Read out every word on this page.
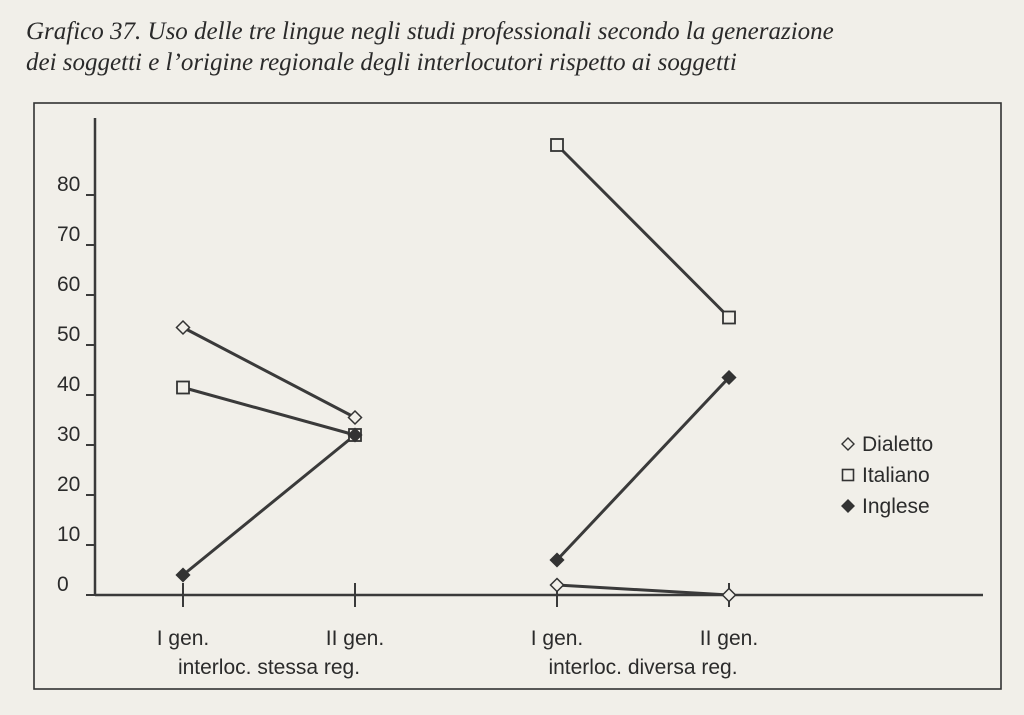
Grafico 37. Uso delle tre lingue negli studi professionali secondo la generazione
dei soggetti e l’origine regionale degli interlocutori rispetto ai soggetti
0
10
20
30
40
50
60
70
80
I gen.	II gen.
interloc. stessa reg.
I gen.	II gen.
interloc. diversa reg.
Dialetto
Italiano
Inglese
